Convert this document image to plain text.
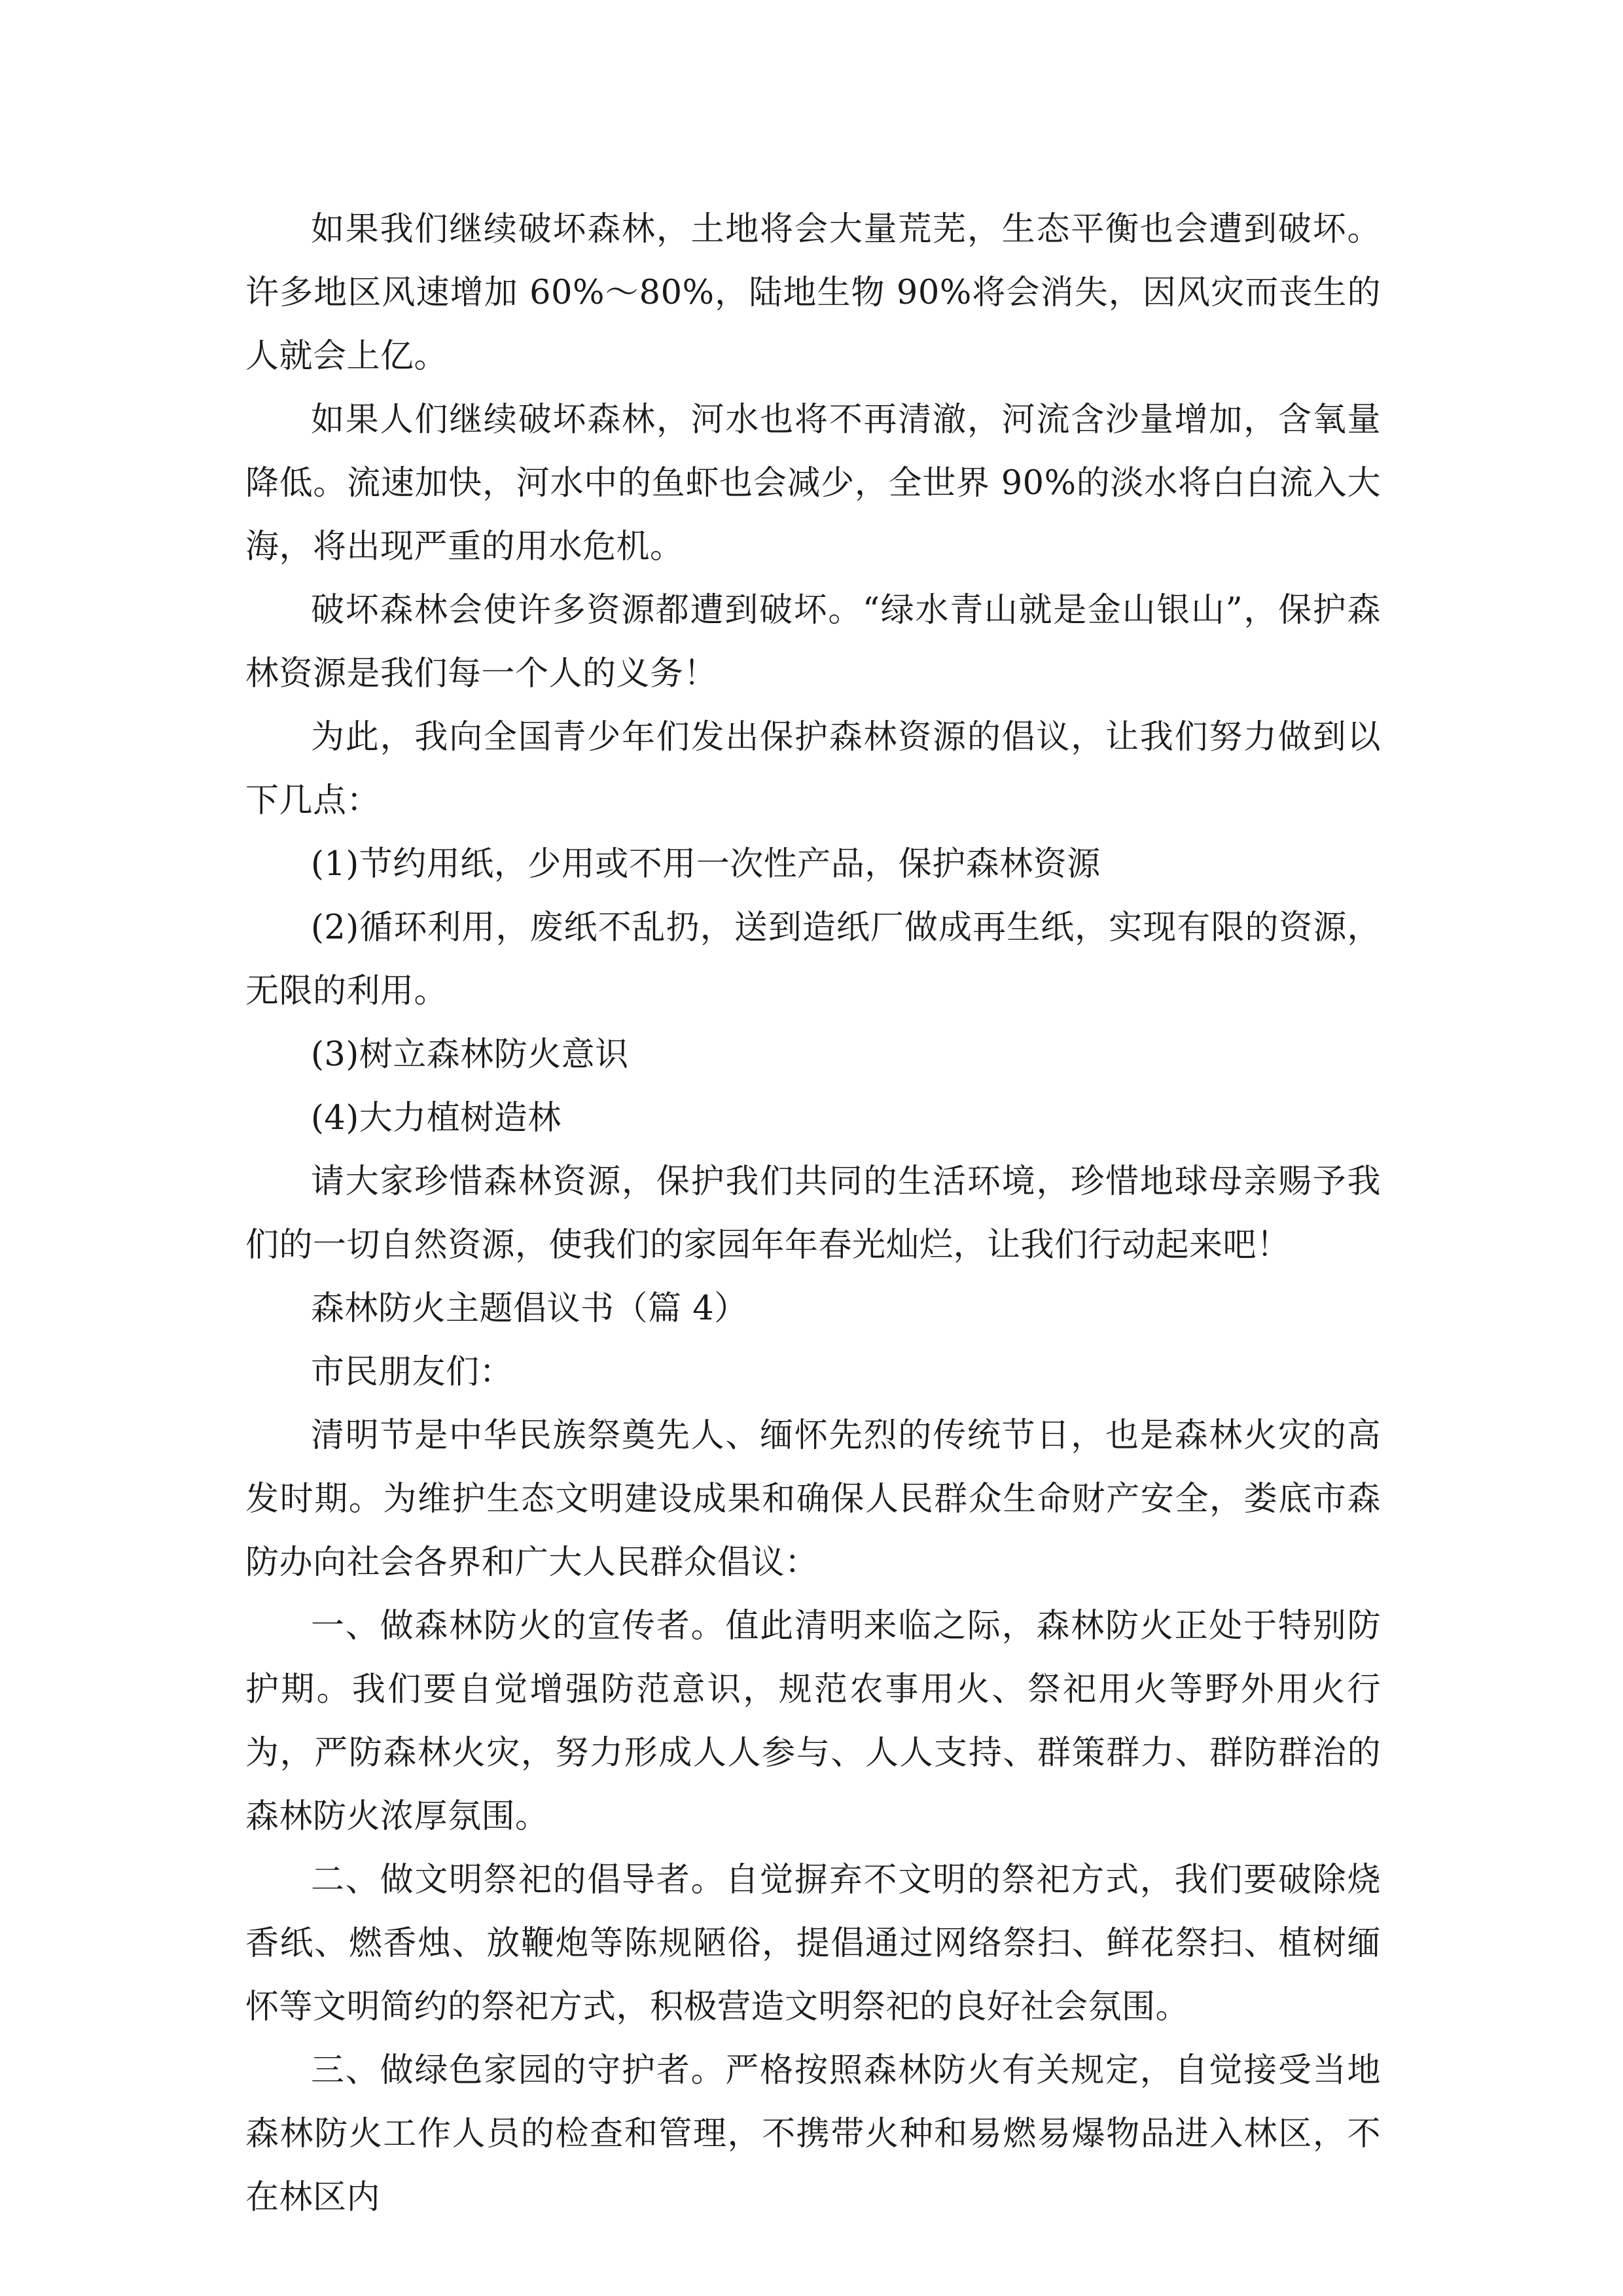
如果我们继续破坏森林，土地将会大量荒芜，生态平衡也会遭到破坏。许多地区风速增加 60%～80%，陆地生物 90%将会消失，因风灾而丧生的人就会上亿。

如果人们继续破坏森林，河水也将不再清澈，河流含沙量增加，含氧量降低。流速加快，河水中的鱼虾也会减少，全世界 90%的淡水将白白流入大海，将出现严重的用水危机。

破坏森林会使许多资源都遭到破坏。“绿水青山就是金山银山”，保护森林资源是我们每一个人的义务！

为此，我向全国青少年们发出保护森林资源的倡议，让我们努力做到以下几点：

(1)节约用纸，少用或不用一次性产品，保护森林资源

(2)循环利用，废纸不乱扔，送到造纸厂做成再生纸，实现有限的资源，无限的利用。

(3)树立森林防火意识

(4)大力植树造林

请大家珍惜森林资源，保护我们共同的生活环境，珍惜地球母亲赐予我们的一切自然资源，使我们的家园年年春光灿烂，让我们行动起来吧！

森林防火主题倡议书（篇 4）

市民朋友们：

清明节是中华民族祭奠先人、缅怀先烈的传统节日，也是森林火灾的高发时期。为维护生态文明建设成果和确保人民群众生命财产安全，娄底市森防办向社会各界和广大人民群众倡议：

一、做森林防火的宣传者。值此清明来临之际，森林防火正处于特别防护期。我们要自觉增强防范意识，规范农事用火、祭祀用火等野外用火行为，严防森林火灾，努力形成人人参与、人人支持、群策群力、群防群治的森林防火浓厚氛围。

二、做文明祭祀的倡导者。自觉摒弃不文明的祭祀方式，我们要破除烧香纸、燃香烛、放鞭炮等陈规陋俗，提倡通过网络祭扫、鲜花祭扫、植树缅怀等文明简约的祭祀方式，积极营造文明祭祀的良好社会氛围。

三、做绿色家园的守护者。严格按照森林防火有关规定，自觉接受当地森林防火工作人员的检查和管理，不携带火种和易燃易爆物品进入林区，不在林区内
